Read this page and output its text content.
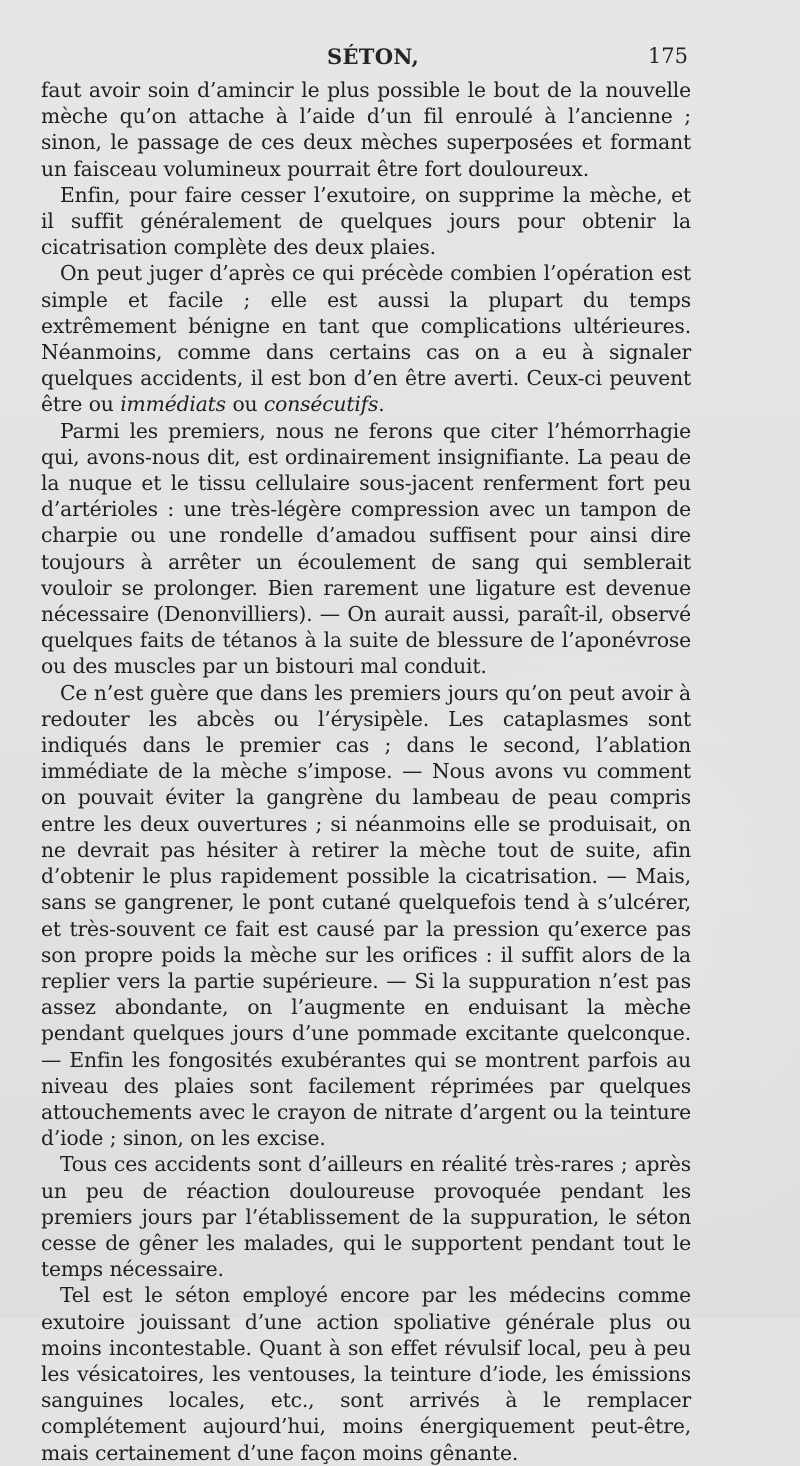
SÉTON,	175

faut avoir soin d’amincir le plus possible le bout de la nouvelle mèche qu’on attache à l’aide d’un fil enroulé à l’ancienne ; sinon, le passage de ces deux mèches superposées et formant un faisceau volumineux pourrait être fort douloureux.

Enfin, pour faire cesser l’exutoire, on supprime la mèche, et il suffit généralement de quelques jours pour obtenir la cicatrisation complète des deux plaies.

On peut juger d’après ce qui précède combien l’opération est simple et facile ; elle est aussi la plupart du temps extrêmement bénigne en tant que complications ultérieures. Néanmoins, comme dans certains cas on a eu à signaler quelques accidents, il est bon d’en être averti. Ceux-ci peuvent être ou immédiats ou consécutifs.

Parmi les premiers, nous ne ferons que citer l’hémorrhagie qui, avons-nous dit, est ordinairement insignifiante. La peau de la nuque et le tissu cellulaire sous-jacent renferment fort peu d’artérioles : une très-légère compression avec un tampon de charpie ou une rondelle d’amadou suffisent pour ainsi dire toujours à arrêter un écoulement de sang qui semblerait vouloir se prolonger. Bien rarement une ligature est devenue nécessaire (Denonvilliers). — On aurait aussi, paraît-il, observé quelques faits de tétanos à la suite de blessure de l’aponévrose ou des muscles par un bistouri mal conduit.

Ce n’est guère que dans les premiers jours qu’on peut avoir à redouter les abcès ou l’érysipèle. Les cataplasmes sont indiqués dans le premier cas ; dans le second, l’ablation immédiate de la mèche s’impose. — Nous avons vu comment on pouvait éviter la gangrène du lambeau de peau compris entre les deux ouvertures ; si néanmoins elle se produisait, on ne devrait pas hésiter à retirer la mèche tout de suite, afin d’obtenir le plus rapidement possible la cicatrisation. — Mais, sans se gangrener, le pont cutané quelquefois tend à s’ulcérer, et très-souvent ce fait est causé par la pression qu’exerce pas son propre poids la mèche sur les orifices : il suffit alors de la replier vers la partie supérieure. — Si la suppuration n’est pas assez abondante, on l’augmente en enduisant la mèche pendant quelques jours d’une pommade excitante quelconque. — Enfin les fongosités exubérantes qui se montrent parfois au niveau des plaies sont facilement réprimées par quelques attouchements avec le crayon de nitrate d’argent ou la teinture d’iode ; sinon, on les excise.

Tous ces accidents sont d’ailleurs en réalité très-rares ; après un peu de réaction douloureuse provoquée pendant les premiers jours par l’établissement de la suppuration, le séton cesse de gêner les malades, qui le supportent pendant tout le temps nécessaire.

Tel est le séton employé encore par les médecins comme exutoire jouissant d’une action spoliative générale plus ou moins incontestable. Quant à son effet révulsif local, peu à peu les vésicatoires, les ventouses, la teinture d’iode, les émissions sanguines locales, etc., sont arrivés à le remplacer complétement aujourd’hui, moins énergiquement peut-être, mais certainement d’une façon moins gênante.
